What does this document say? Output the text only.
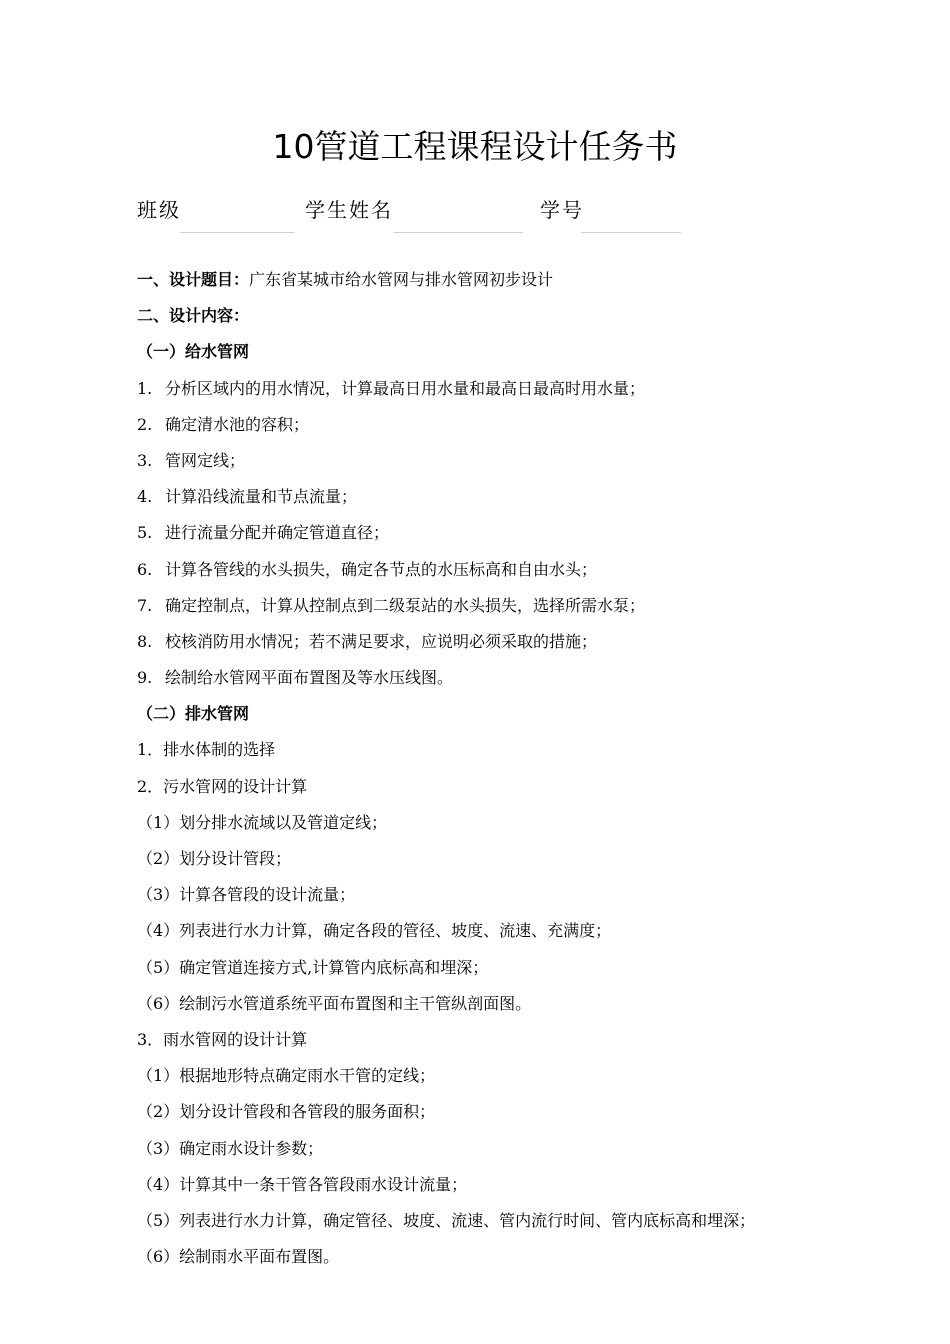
10管道工程课程设计任务书
班级	学生姓名	学号
一、设计题目：广东省某城市给水管网与排水管网初步设计
二、设计内容：
（一）给水管网
1. 分析区域内的用水情况，计算最高日用水量和最高日最高时用水量；
2. 确定清水池的容积；
3. 管网定线；
4. 计算沿线流量和节点流量；
5. 进行流量分配并确定管道直径；
6. 计算各管线的水头损失，确定各节点的水压标高和自由水头；
7. 确定控制点，计算从控制点到二级泵站的水头损失，选择所需水泵；
8. 校核消防用水情况；若不满足要求，应说明必须采取的措施；
9. 绘制给水管网平面布置图及等水压线图。
（二）排水管网
1．排水体制的选择
2．污水管网的设计计算
（1）划分排水流域以及管道定线；
（2）划分设计管段；
（3）计算各管段的设计流量；
（4）列表进行水力计算，确定各段的管径、坡度、流速、充满度；
（5）确定管道连接方式,计算管内底标高和埋深；
（6）绘制污水管道系统平面布置图和主干管纵剖面图。
3．雨水管网的设计计算
（1）根据地形特点确定雨水干管的定线；
（2）划分设计管段和各管段的服务面积；
（3）确定雨水设计参数；
（4）计算其中一条干管各管段雨水设计流量；
（5）列表进行水力计算，确定管径、坡度、流速、管内流行时间、管内底标高和埋深；
（6）绘制雨水平面布置图。
